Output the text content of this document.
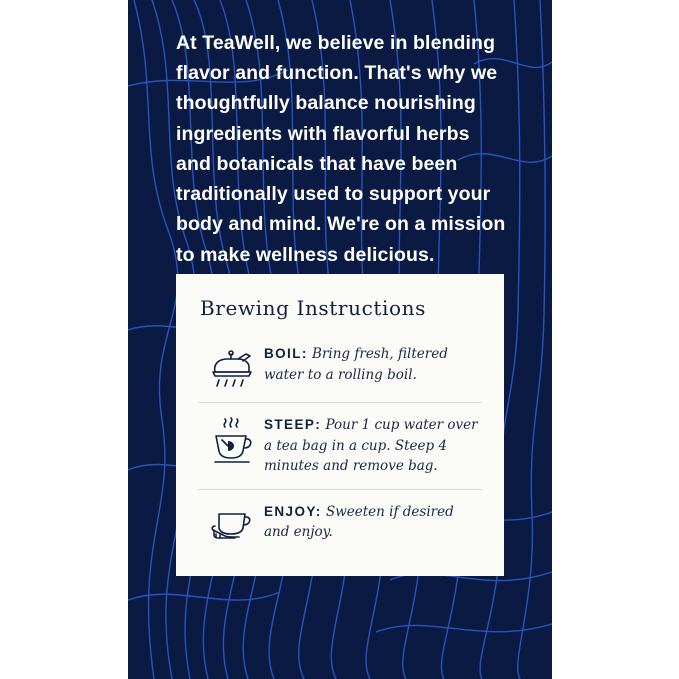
At TeaWell, we believe in blending flavor and function. That's why we thoughtfully balance nourishing ingredients with flavorful herbs and botanicals that have been traditionally used to support your body and mind. We're on a mission to make wellness delicious.
Brewing Instructions
BOIL: Bring fresh, filtered water to a rolling boil.
STEEP: Pour 1 cup water over a tea bag in a cup. Steep 4 minutes and remove bag.
ENJOY: Sweeten if desired and enjoy.
